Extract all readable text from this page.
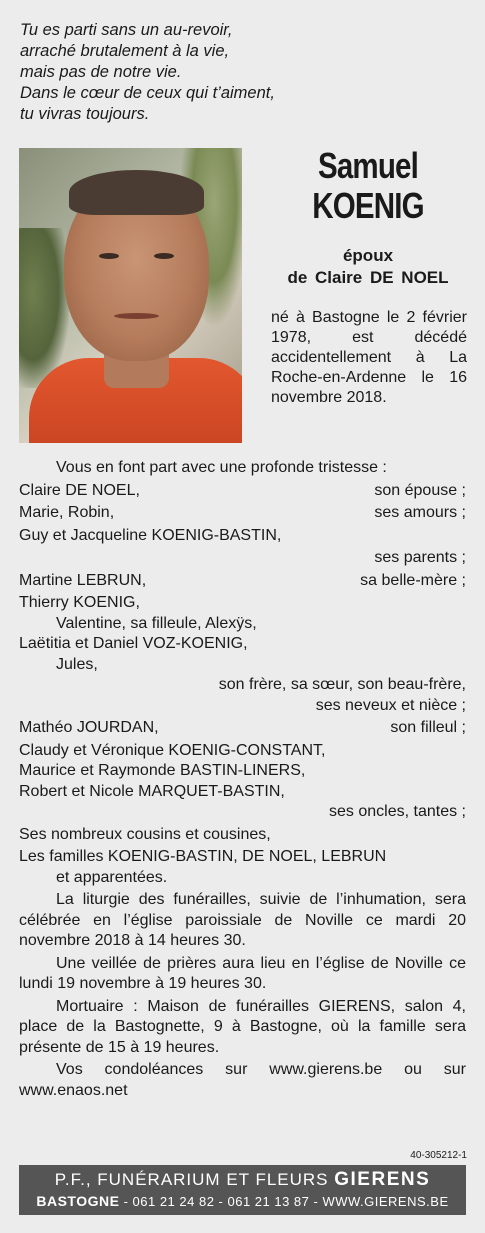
Tu es parti sans un au-revoir,
arraché brutalement à la vie,
mais pas de notre vie.
Dans le cœur de ceux qui t’aiment,
tu vivras toujours.
Samuel
KOENIG
époux
de Claire DE NOEL
né à Bastogne le 2 février 1978, est décédé accidentellement à La Roche-en-Ardenne le 16 novembre 2018.
Vous en font part avec une profonde tristesse :
Claire DE NOEL,	son épouse ;
Marie, Robin,	ses amours ;
Guy et Jacqueline KOENIG-BASTIN,
ses parents ;
Martine LEBRUN,	sa belle-mère ;
Thierry KOENIG,
Valentine, sa filleule, Alexÿs,
Laëtitia et Daniel VOZ-KOENIG,
Jules,
son frère, sa sœur, son beau-frère,
ses neveux et nièce ;
Mathéo JOURDAN,	son filleul ;
Claudy et Véronique KOENIG-CONSTANT,
Maurice et Raymonde BASTIN-LINERS,
Robert et Nicole MARQUET-BASTIN,
ses oncles, tantes ;
Ses nombreux cousins et cousines,
Les familles KOENIG-BASTIN, DE NOEL, LEBRUN
et apparentées.
La liturgie des funérailles, suivie de l’inhumation, sera célébrée en l’église paroissiale de Noville ce mardi 20 novembre 2018 à 14 heures 30.
Une veillée de prières aura lieu en l’église de Noville ce lundi 19 novembre à 19 heures 30.
Mortuaire : Maison de funérailles GIERENS, salon 4, place de la Bastognette, 9 à Bastogne, où la famille sera présente de 15 à 19 heures.
Vos condoléances sur www.gierens.be ou sur www.enaos.net
40-305212-1
P.F., FUNÉRARIUM ET FLEURS GIERENS
BASTOGNE - 061 21 24 82 - 061 21 13 87 - WWW.GIERENS.BE
